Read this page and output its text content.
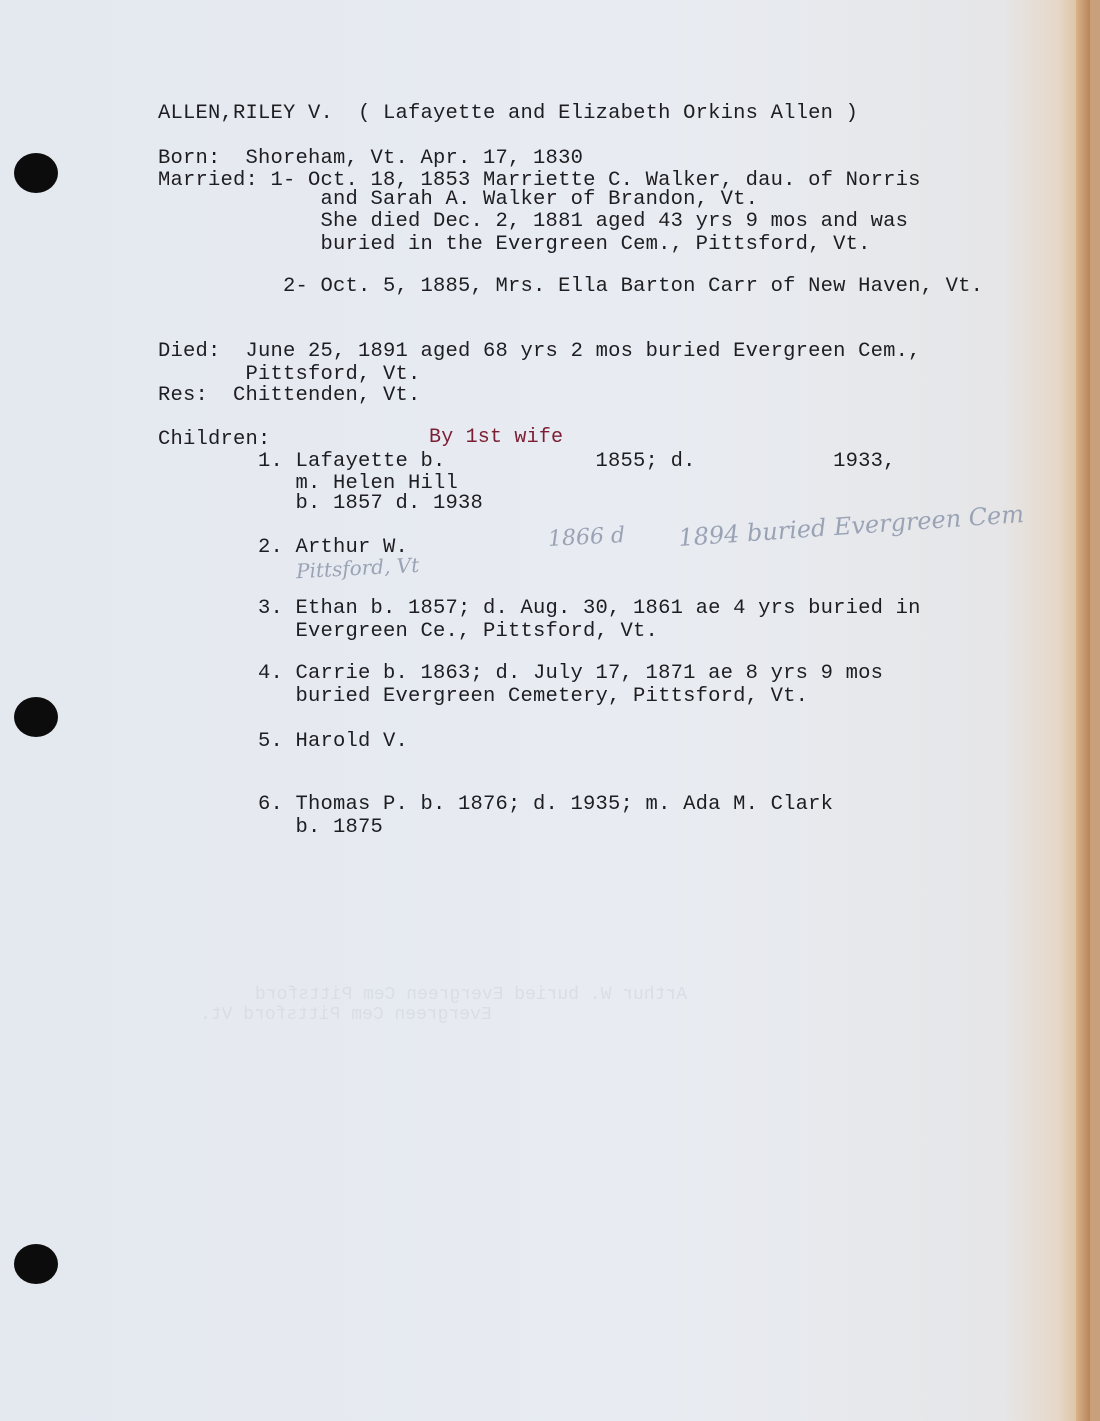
ALLEN,RILEY V.  ( Lafayette and Elizabeth Orkins Allen )
Born:  Shoreham, Vt. Apr. 17, 1830
Married: 1- Oct. 18, 1853 Marriette C. Walker, dau. of Norris
and Sarah A. Walker of Brandon, Vt.
She died Dec. 2, 1881 aged 43 yrs 9 mos and was
buried in the Evergreen Cem., Pittsford, Vt.
2- Oct. 5, 1885, Mrs. Ella Barton Carr of New Haven, Vt.
Died:  June 25, 1891 aged 68 yrs 2 mos buried Evergreen Cem.,
Pittsford, Vt.
Res:  Chittenden, Vt.
Children:	By 1st wife
1. Lafayette b.            1855; d.           1933,
m. Helen Hill
b. 1857 d. 1938
2. Arthur W.	1866 d 1894 buried Evergreen Cem
Pittsford, Vt
3. Ethan b. 1857; d. Aug. 30, 1861 ae 4 yrs buried in
Evergreen Ce., Pittsford, Vt.
4. Carrie b. 1863; d. July 17, 1871 ae 8 yrs 9 mos
buried Evergreen Cemetery, Pittsford, Vt.
5. Harold V.
6. Thomas P. b. 1876; d. 1935; m. Ada M. Clark
b. 1875
Arthur W. buried Evergreen Cem Pittsford
Evergreen Cem Pittsford Vt.
